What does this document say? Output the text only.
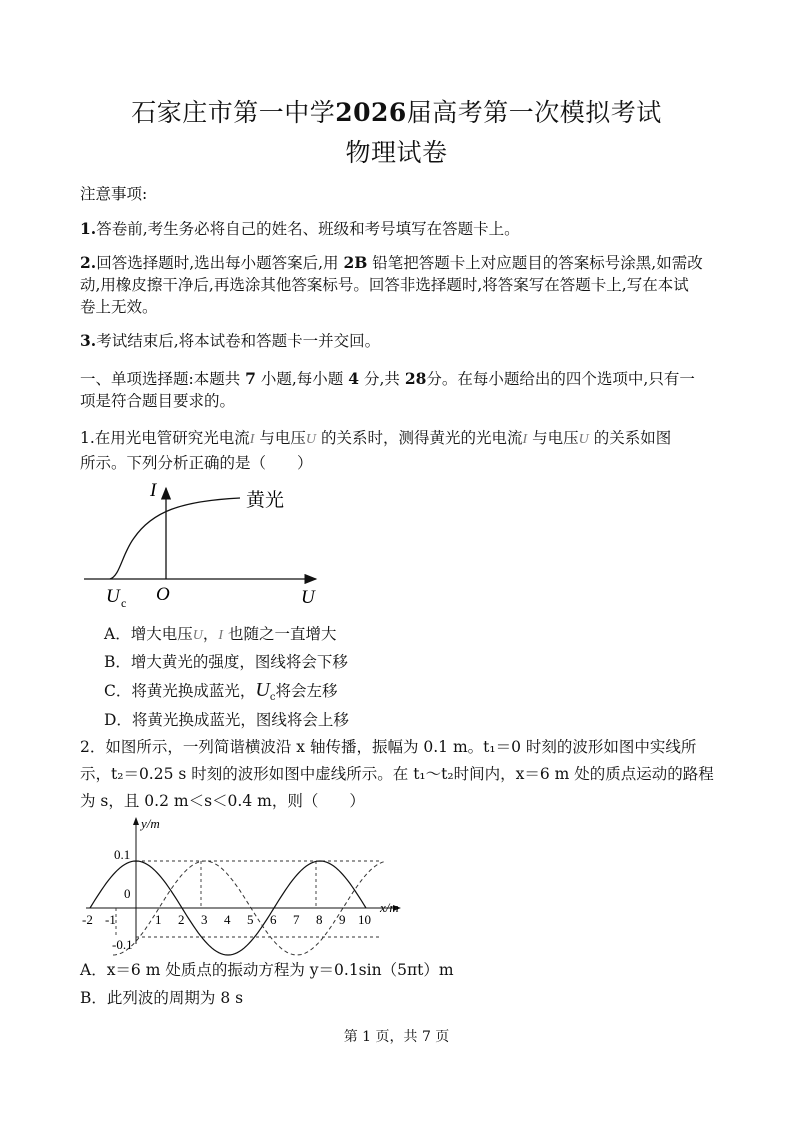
石家庄市第一中学2026届高考第一次模拟考试
物理试卷
注意事项:
1.答卷前,考生务必将自己的姓名、班级和考号填写在答题卡上。
2.回答选择题时,选出每小题答案后,用 2B 铅笔把答题卡上对应题目的答案标号涂黑,如需改
动,用橡皮擦干净后,再选涂其他答案标号。回答非选择题时,将答案写在答题卡上,写在本试
卷上无效。
3.考试结束后,将本试卷和答题卡一并交回。
一、单项选择题:本题共 7 小题,每小题 4 分,共 28分。在每小题给出的四个选项中,只有一
项是符合题目要求的。
1.在用光电管研究光电流I 与电压U 的关系时，测得黄光的光电流I 与电压U 的关系如图
所示。下列分析正确的是（　　）
I	黄光
U c O	U
A．增大电压U，I 也随之一直增大
B．增大黄光的强度，图线将会下移
C．将黄光换成蓝光，$U_c$将会左移
D．将黄光换成蓝光，图线将会上移
2．如图所示，一列简谐横波沿 x 轴传播，振幅为 0.1 m。t₁＝0 时刻的波形如图中实线所
示，t₂＝0.25 s 时刻的波形如图中虚线所示。在 t₁～t₂时间内，x＝6 m 处的质点运动的路程
为 s，且 0.2 m＜s＜0.4 m，则（　　）
y/m
x/m
0.1
-0.1
0
-2 -1	1 2 3 4 5 6 7 8 9 10
A．x＝6 m 处质点的振动方程为 y＝0.1sin（5πt）m
B．此列波的周期为 8 s
第 1 页，共 7 页
